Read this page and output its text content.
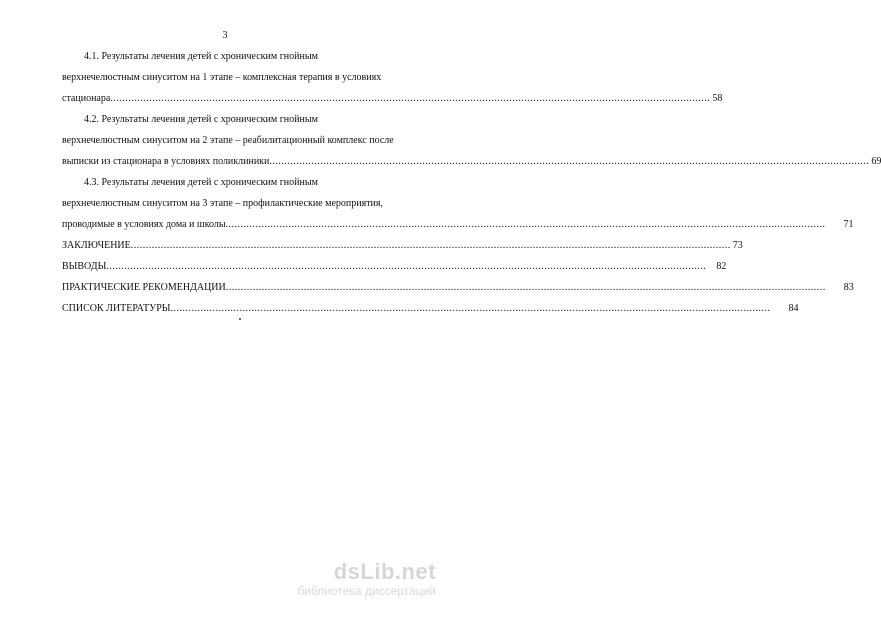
3

4.1. Результаты лечения детей с хроническим гнойным

верхнечелюстным синуситом на 1 этапе – комплексная терапия в условиях

стационара ........................................................................................................................................................................................................ 58

4.2. Результаты лечения детей с хроническим гнойным

верхнечелюстным синуситом на 2 этапе – реабилитационный комплекс после

выписки из стационара в условиях поликлиники ........................................................................................................................................................................................................ 69

4.3. Результаты лечения детей с хроническим гнойным

верхнечелюстным синуситом на 3 этапе – профилактические мероприятия,

проводимые в условиях дома и школы ........................................................................................................................................................................................................	71
ЗАКЛЮЧЕНИЕ ........................................................................................................................................................................................................ 73
ВЫВОДЫ ........................................................................................................................................................................................................	82
ПРАКТИЧЕСКИЕ РЕКОМЕНДАЦИИ ........................................................................................................................................................................................................	83
СПИСОК ЛИТЕРАТУРЫ ........................................................................................................................................................................................................	84
dsLib.net
библиотека диссертаций
